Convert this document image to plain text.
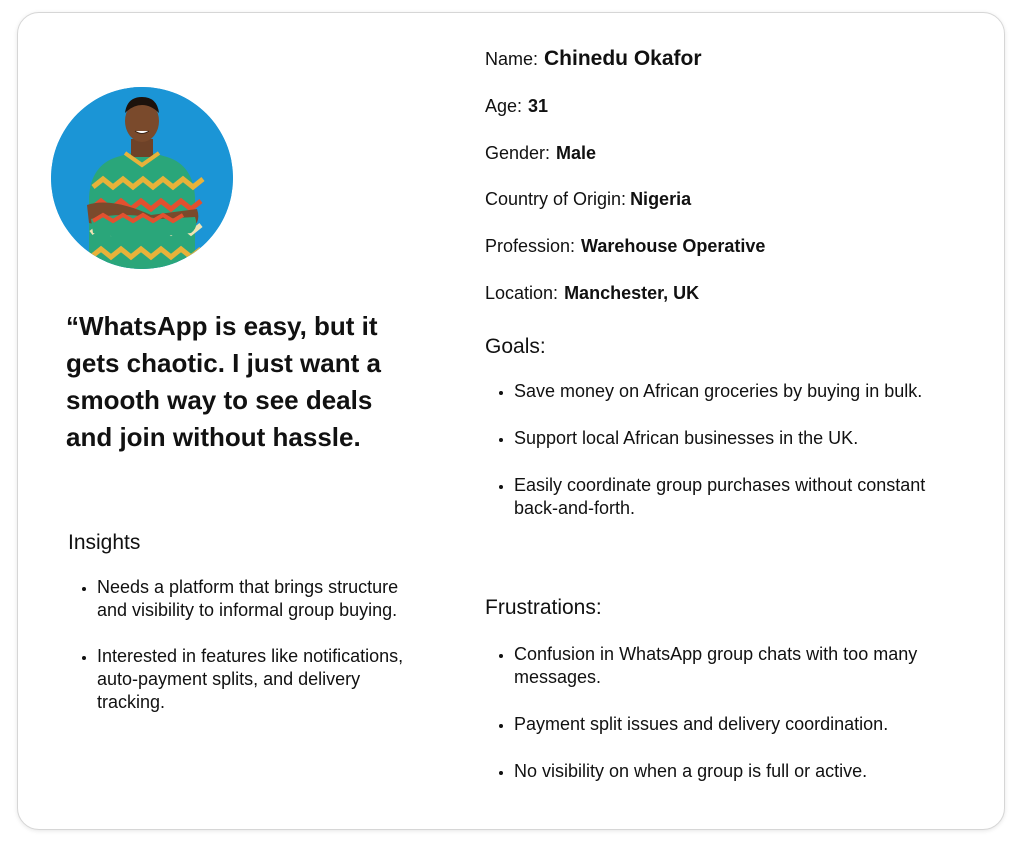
“WhatsApp is easy, but it gets chaotic. I just want a smooth way to see deals and join without hassle.

Insights
• Needs a platform that brings structure and visibility to informal group buying.
• Interested in features like notifications, auto-payment splits, and delivery tracking.
Name: Chinedu Okafor
Age: 31
Gender: Male
Country of Origin: Nigeria
Profession: Warehouse Operative
Location: Manchester, UK
Goals:
• Save money on African groceries by buying in bulk.
• Support local African businesses in the UK.
• Easily coordinate group purchases without constant back-and-forth.
Frustrations:
• Confusion in WhatsApp group chats with too many messages.
• Payment split issues and delivery coordination.
• No visibility on when a group is full or active.
